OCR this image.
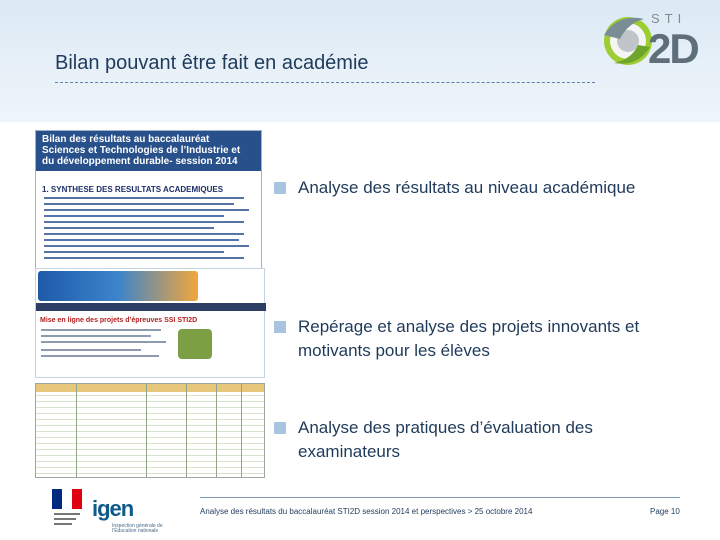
Bilan pouvant être fait en académie
STI
2D
Bilan des résultats au baccalauréat Sciences et Technologies de l’Industrie et du développement durable- session 2014
1. SYNTHESE DES RESULTATS ACADEMIQUES
Mise en ligne des projets d’épreuves SSI STI2D
Analyse des résultats au niveau académique
Repérage et analyse des projets innovants et motivants pour les élèves
Analyse des pratiques d’évaluation des examinateurs
igen
Inspection générale de l’Éducation nationale
Analyse des résultats du baccalauréat STI2D session 2014 et perspectives > 25 octobre 2014	Page 10
